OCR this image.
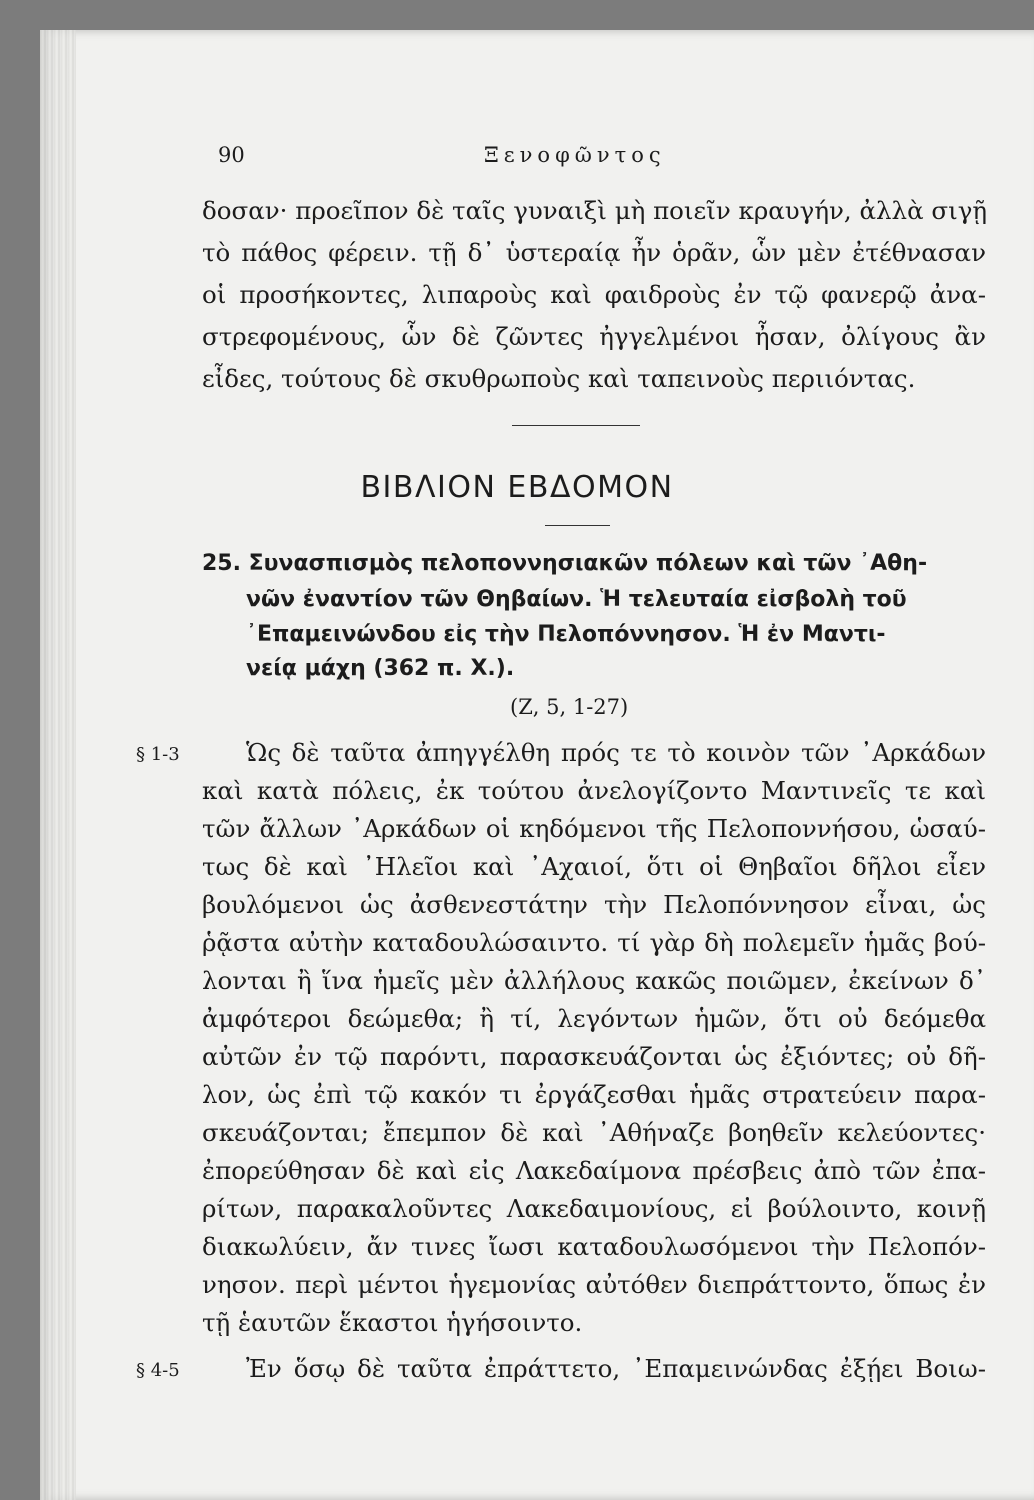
90	Ξενοφῶντος
δοσαν· προεῖπον δὲ ταῖς γυναιξὶ μὴ ποιεῖν κραυγήν, ἀλλὰ σιγῇ
τὸ πάθος φέρειν. τῇ δ᾽ ὑστεραίᾳ ἦν ὁρᾶν, ὧν μὲν ἐτέθνασαν
οἱ προσήκοντες, λιπαροὺς καὶ φαιδροὺς ἐν τῷ φανερῷ ἀνα-
στρεφομένους, ὧν δὲ ζῶντες ἠγγελμένοι ἦσαν, ὀλίγους ἂν
εἶδες, τούτους δὲ σκυθρωποὺς καὶ ταπεινοὺς περιιόντας.
ΒΙΒΛΙΟΝ ΕΒΔΟΜΟΝ
25. Συνασπισμὸς πελοποννησιακῶν πόλεων καὶ τῶν ᾿Αθη-
νῶν ἐναντίον τῶν Θηβαίων. Ἡ τελευταία εἰσβολὴ τοῦ
᾿Επαμεινώνδου εἰς τὴν Πελοπόννησον. Ἡ ἐν Μαντι-
νείᾳ μάχη (362 π. Χ.).
(Ζ, 5, 1-27)
§ 1-3
§ 4-5
Ὡς δὲ ταῦτα ἀπηγγέλθη πρός τε τὸ κοινὸν τῶν ᾿Αρκάδων
καὶ κατὰ πόλεις, ἐκ τούτου ἀνελογίζοντο Μαντινεῖς τε καὶ
τῶν ἄλλων ᾿Αρκάδων οἱ κηδόμενοι τῆς Πελοποννήσου, ὡσαύ-
τως δὲ καὶ ᾿Ηλεῖοι καὶ ᾿Αχαιοί, ὅτι οἱ Θηβαῖοι δῆλοι εἶεν
βουλόμενοι ὡς ἀσθενεστάτην τὴν Πελοπόννησον εἶναι, ὡς
ῥᾷστα αὐτὴν καταδουλώσαιντο. τί γὰρ δὴ πολεμεῖν ἡμᾶς βού-
λονται ἢ ἵνα ἡμεῖς μὲν ἀλλήλους κακῶς ποιῶμεν, ἐκείνων δ᾽
ἀμφότεροι δεώμεθα; ἢ τί, λεγόντων ἡμῶν, ὅτι οὐ δεόμεθα
αὐτῶν ἐν τῷ παρόντι, παρασκευάζονται ὡς ἐξιόντες; οὐ δῆ-
λον, ὡς ἐπὶ τῷ κακόν τι ἐργάζεσθαι ἡμᾶς στρατεύειν παρα-
σκευάζονται; ἔπεμπον δὲ καὶ ᾿Αθήναζε βοηθεῖν κελεύοντες·
ἐπορεύθησαν δὲ καὶ εἰς Λακεδαίμονα πρέσβεις ἀπὸ τῶν ἐπα-
ρίτων, παρακαλοῦντες Λακεδαιμονίους, εἰ βούλοιντο, κοινῇ
διακωλύειν, ἄν τινες ἴωσι καταδουλωσόμενοι τὴν Πελοπόν-
νησον. περὶ μέντοι ἡγεμονίας αὐτόθεν διεπράττοντο, ὅπως ἐν
τῇ ἑαυτῶν ἕκαστοι ἡγήσοιντο.
Ἐν ὅσῳ δὲ ταῦτα ἐπράττετο, ᾿Επαμεινώνδας ἐξῄει Βοιω-
